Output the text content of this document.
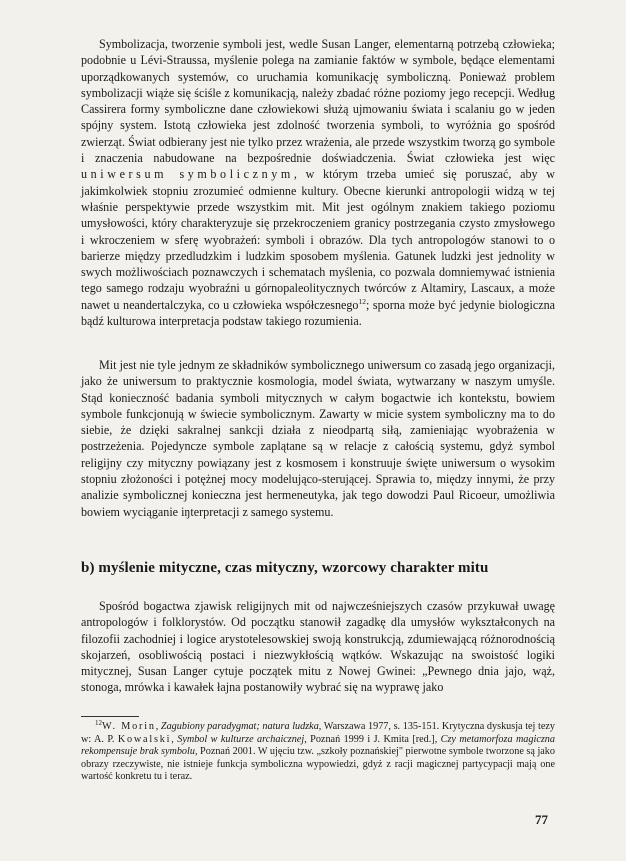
Symbolizacja, tworzenie symboli jest, wedle Susan Langer, elementarną potrzebą człowieka; podobnie u Lévi-Straussa, myślenie polega na zamianie faktów w symbole, będące elementami uporządkowanych systemów, co uruchamia komunikację symboliczną. Ponieważ problem symbolizacji wiąże się ściśle z komunikacją, należy zbadać różne poziomy jego recepcji. Według Cassirera formy symboliczne dane człowiekowi służą ujmowaniu świata i scalaniu go w jeden spójny system. Istotą człowieka jest zdolność tworzenia symboli, to wyróżnia go spośród zwierząt. Świat odbierany jest nie tylko przez wrażenia, ale przede wszystkim tworzą go symbole i znaczenia nabudowane na bezpośrednie doświadczenia. Świat człowieka jest więc uniwersum symbolicznym, w którym trzeba umieć się poruszać, aby w jakimkolwiek stopniu zrozumieć odmienne kultury. Obecne kierunki antropologii widzą w tej właśnie perspektywie przede wszystkim mit. Mit jest ogólnym znakiem takiego poziomu umysłowości, który charakteryzuje się przekroczeniem granicy postrzegania czysto zmysłowego i wkroczeniem w sferę wyobrażeń: symboli i obrazów. Dla tych antropologów stanowi to o barierze między przedludzkim i ludzkim sposobem myślenia. Gatunek ludzki jest jednolity w swych możliwościach poznawczych i schematach myślenia, co pozwala domniemywać istnienia tego samego rodzaju wyobraźni u górnopaleolitycznych twórców z Altamiry, Lascaux, a może nawet u neandertalczyka, co u człowieka współczesnego$^{12}$; sporna może być jedynie biologiczna bądź kulturowa interpretacja podstaw takiego rozumienia.

Mit jest nie tyle jednym ze składników symbolicznego uniwersum co zasadą jego organizacji, jako że uniwersum to praktycznie kosmologia, model świata, wytwarzany w naszym umyśle. Stąd konieczność badania symboli mitycznych w całym bogactwie ich kontekstu, bowiem symbole funkcjonują w świecie symbolicznym. Zawarty w micie system symboliczny ma to do siebie, że dzięki sakralnej sankcji działa z nieodpartą siłą, zamieniając wyobrażenia w postrzeżenia. Pojedyncze symbole zaplątane są w relacje z całością systemu, gdyż symbol religijny czy mityczny powiązany jest z kosmosem i konstruuje święte uniwersum o wysokim stopniu złożoności i potężnej mocy modelująco-sterującej. Sprawia to, między innymi, że przy analizie symbolicznej konieczna jest hermeneutyka, jak tego dowodzi Paul Ricoeur, umożliwia bowiem wyciąganie iŋterpretacji z samego systemu.

b) myślenie mityczne, czas mityczny, wzorcowy charakter mitu

Spośród bogactwa zjawisk religijnych mit od najwcześniejszych czasów przykuwał uwagę antropologów i folklorystów. Od początku stanowił zagadkę dla umysłów wykształconych na filozofii zachodniej i logice arystotelesowskiej swoją konstrukcją, zdumiewającą różnorodnością skojarzeń, osobliwością postaci i niezwykłością wątków. Wskazując na swoistość logiki mitycznej, Susan Langer cytuje początek mitu z Nowej Gwinei: „Pewnego dnia jajo, wąż, stonoga, mrówka i kawałek łajna postanowiły wybrać się na wyprawę jako

$^{12}$W. Morin, Zagubiony paradygmat; natura ludzka, Warszawa 1977, s. 135-151. Krytyczna dyskusja tej tezy w: A. P. Kowalski, Symbol w kulturze archaicznej, Poznań 1999 i J. Kmita [red.], Czy metamorfoza magiczna rekompensuje brak symbolu, Poznań 2001. W ujęciu tzw. „szkoły poznańskiej" pierwotne symbole tworzone są jako obrazy rzeczywiste, nie istnieje funkcja symboliczna wypowiedzi, gdyż z racji magicznej partycypacji mają one wartość konkretu tu i teraz.

77
